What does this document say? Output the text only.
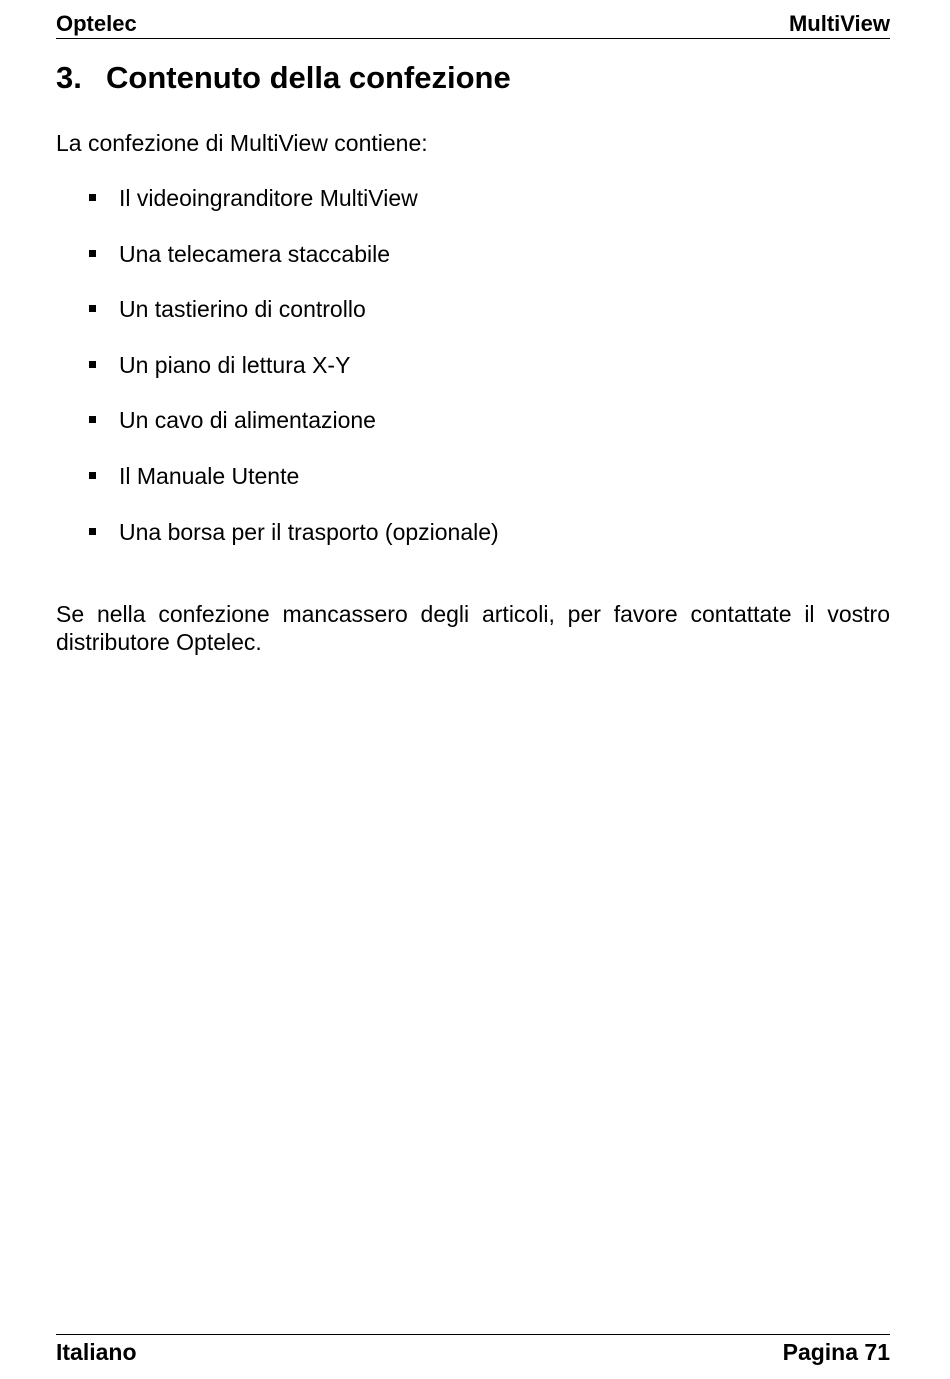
Optelec	MultiView
3. Contenuto della confezione
La confezione di MultiView contiene:
Il videoingranditore MultiView
Una telecamera staccabile
Un tastierino di controllo
Un piano di lettura X-Y
Un cavo di alimentazione
Il Manuale Utente
Una borsa per il trasporto (opzionale)
Se nella confezione mancassero degli articoli, per favore contattate il vostro distributore Optelec.
Italiano	Pagina 71
